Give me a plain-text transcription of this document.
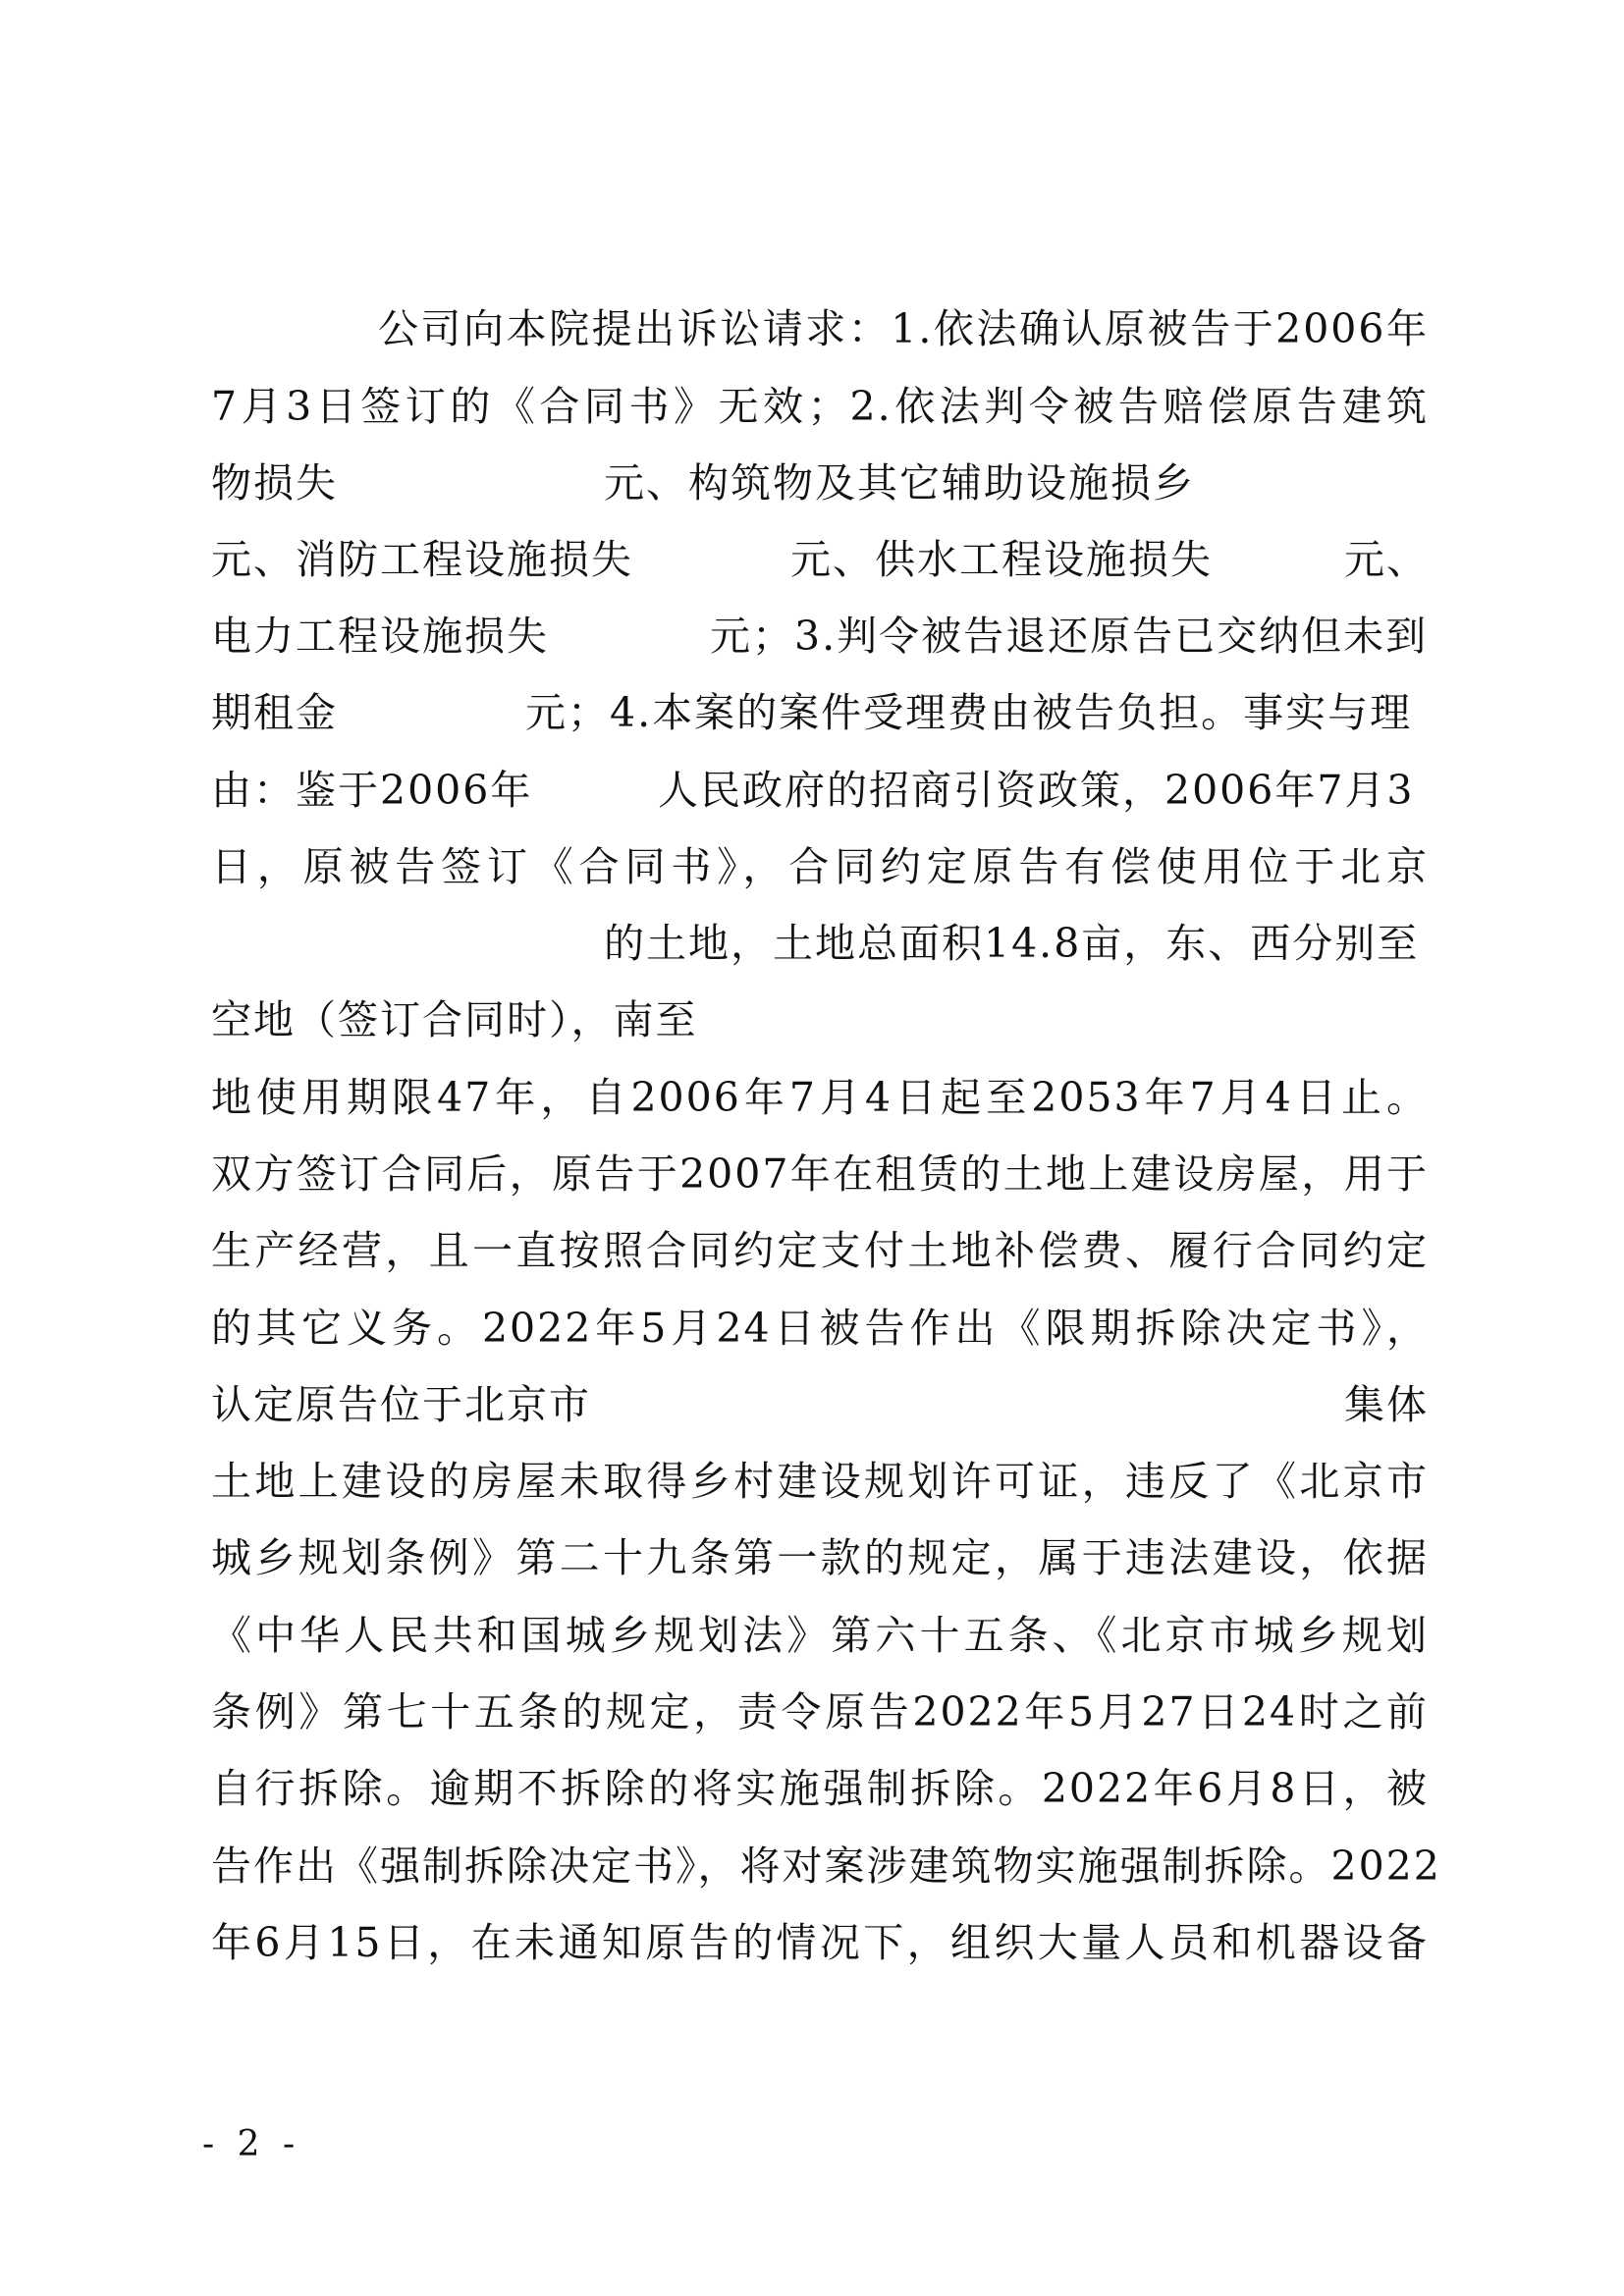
公司向本院提出诉讼请求：1.依法确认原被告于2006年
7月3日签订的《合同书》无效；2.依法判令被告赔偿原告建筑
物损失	元、构筑物及其它辅助设施损乡
元、消防工程设施损失	元、供水工程设施损失	元、
电力工程设施损失	元；3.判令被告退还原告已交纳但未到
期租金	元；4.本案的案件受理费由被告负担。事实与理
由：鉴于2006年	人民政府的招商引资政策，2006年7月3
日，原被告签订《合同书》，合同约定原告有偿使用位于北京
的土地，土地总面积14.8亩，东、西分别至
空地（签订合同时），南至
地使用期限47年，自2006年7月4日起至2053年7月4日止。
双方签订合同后，原告于2007年在租赁的土地上建设房屋，用于
生产经营，且一直按照合同约定支付土地补偿费、履行合同约定
的其它义务。2022年5月24日被告作出《限期拆除决定书》，
认定原告位于北京市	集体
土地上建设的房屋未取得乡村建设规划许可证，违反了《北京市
城乡规划条例》第二十九条第一款的规定，属于违法建设，依据
《中华人民共和国城乡规划法》第六十五条、《北京市城乡规划
条例》第七十五条的规定，责令原告2022年5月27日24时之前
自行拆除。逾期不拆除的将实施强制拆除。2022年6月8日，被
告作出《强制拆除决定书》，将对案涉建筑物实施强制拆除。2022
年6月15日，在未通知原告的情况下，组织大量人员和机器设备
- 2 -
